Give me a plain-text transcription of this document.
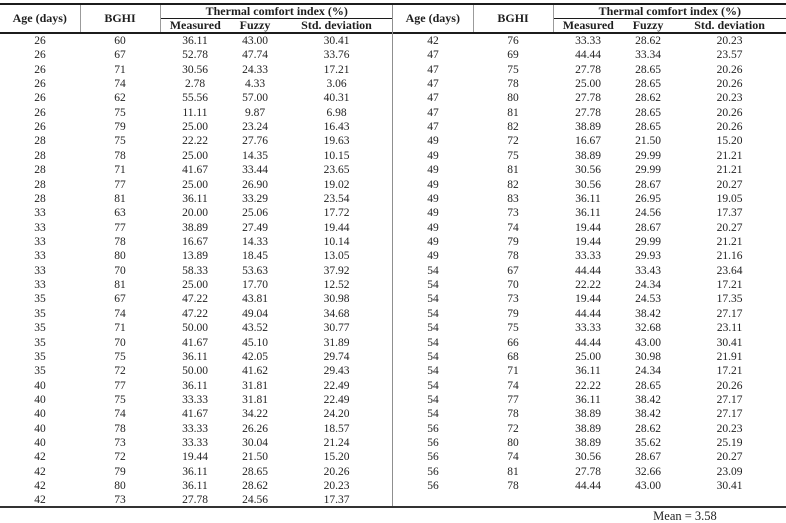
Age (days)	BGHI	Thermal comfort index (%)		
		Measured	Fuzzy	Std. deviation
26	60	36.11	43.00	30.41
26	67	52.78	47.74	33.76
26	71	30.56	24.33	17.21
26	74	2.78	4.33	3.06
26	62	55.56	57.00	40.31
26	75	11.11	9.87	6.98
26	79	25.00	23.24	16.43
28	75	22.22	27.76	19.63
28	78	25.00	14.35	10.15
28	71	41.67	33.44	23.65
28	77	25.00	26.90	19.02
28	81	36.11	33.29	23.54
33	63	20.00	25.06	17.72
33	77	38.89	27.49	19.44
33	78	16.67	14.33	10.14
33	80	13.89	18.45	13.05
33	70	58.33	53.63	37.92
33	81	25.00	17.70	12.52
35	67	47.22	43.81	30.98
35	74	47.22	49.04	34.68
35	71	50.00	43.52	30.77
35	70	41.67	45.10	31.89
35	75	36.11	42.05	29.74
35	72	50.00	41.62	29.43
40	77	36.11	31.81	22.49
40	75	33.33	31.81	22.49
40	74	41.67	34.22	24.20
40	78	33.33	26.26	18.57
40	73	33.33	30.04	21.24
42	72	19.44	21.50	15.20
42	79	36.11	28.65	20.26
42	80	36.11	28.62	20.23
42	73	27.78	24.56	17.37
Age (days)	BGHI	Thermal comfort index (%)		
		Measured	Fuzzy	Std. deviation
42	76	33.33	28.62	20.23
47	69	44.44	33.34	23.57
47	75	27.78	28.65	20.26
47	78	25.00	28.65	20.26
47	80	27.78	28.62	20.23
47	81	27.78	28.65	20.26
47	82	38.89	28.65	20.26
49	72	16.67	21.50	15.20
49	75	38.89	29.99	21.21
49	81	30.56	29.99	21.21
49	82	30.56	28.67	20.27
49	83	36.11	26.95	19.05
49	73	36.11	24.56	17.37
49	74	19.44	28.67	20.27
49	79	19.44	29.99	21.21
49	78	33.33	29.93	21.16
54	67	44.44	33.43	23.64
54	70	22.22	24.34	17.21
54	73	19.44	24.53	17.35
54	79	44.44	38.42	27.17
54	75	33.33	32.68	23.11
54	66	44.44	43.00	30.41
54	68	25.00	30.98	21.91
54	71	36.11	24.34	17.21
54	74	22.22	28.65	20.26
54	77	36.11	38.42	27.17
54	78	38.89	38.42	27.17
56	72	38.89	28.62	20.23
56	80	38.89	35.62	25.19
56	74	30.56	28.67	20.27
56	81	27.78	32.66	23.09
56	78	44.44	43.00	30.41
Mean = 3.58
